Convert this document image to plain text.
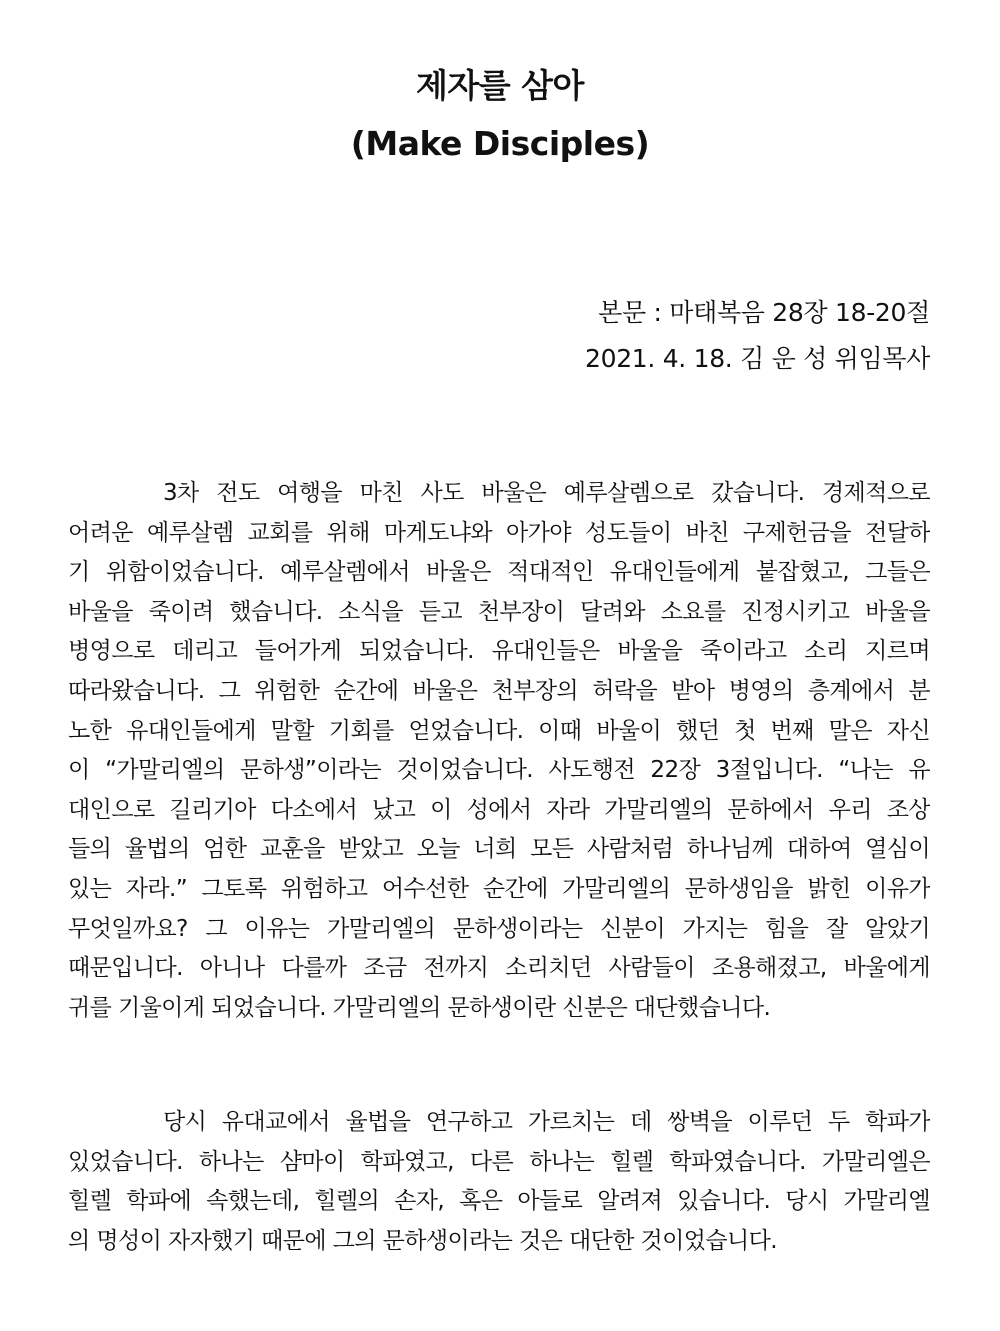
제자를 삼아
(Make Disciples)
본문 : 마태복음 28장 18-20절
2021. 4. 18. 김 운 성 위임목사
3차 전도 여행을 마친 사도 바울은 예루살렘으로 갔습니다. 경제적으로
어려운 예루살렘 교회를 위해 마게도냐와 아가야 성도들이 바친 구제헌금을 전달하
기 위함이었습니다. 예루살렘에서 바울은 적대적인 유대인들에게 붙잡혔고, 그들은
바울을 죽이려 했습니다. 소식을 듣고 천부장이 달려와 소요를 진정시키고 바울을
병영으로 데리고 들어가게 되었습니다. 유대인들은 바울을 죽이라고 소리 지르며
따라왔습니다. 그 위험한 순간에 바울은 천부장의 허락을 받아 병영의 층계에서 분
노한 유대인들에게 말할 기회를 얻었습니다. 이때 바울이 했던 첫 번째 말은 자신
이 “가말리엘의 문하생”이라는 것이었습니다. 사도행전 22장 3절입니다. “나는 유
대인으로 길리기아 다소에서 났고 이 성에서 자라 가말리엘의 문하에서 우리 조상
들의 율법의 엄한 교훈을 받았고 오늘 너희 모든 사람처럼 하나님께 대하여 열심이
있는 자라.” 그토록 위험하고 어수선한 순간에 가말리엘의 문하생임을 밝힌 이유가
무엇일까요? 그 이유는 가말리엘의 문하생이라는 신분이 가지는 힘을 잘 알았기
때문입니다. 아니나 다를까 조금 전까지 소리치던 사람들이 조용해졌고, 바울에게
귀를 기울이게 되었습니다. 가말리엘의 문하생이란 신분은 대단했습니다.
당시 유대교에서 율법을 연구하고 가르치는 데 쌍벽을 이루던 두 학파가
있었습니다. 하나는 샴마이 학파였고, 다른 하나는 힐렐 학파였습니다. 가말리엘은
힐렐 학파에 속했는데, 힐렐의 손자, 혹은 아들로 알려져 있습니다. 당시 가말리엘
의 명성이 자자했기 때문에 그의 문하생이라는 것은 대단한 것이었습니다.
